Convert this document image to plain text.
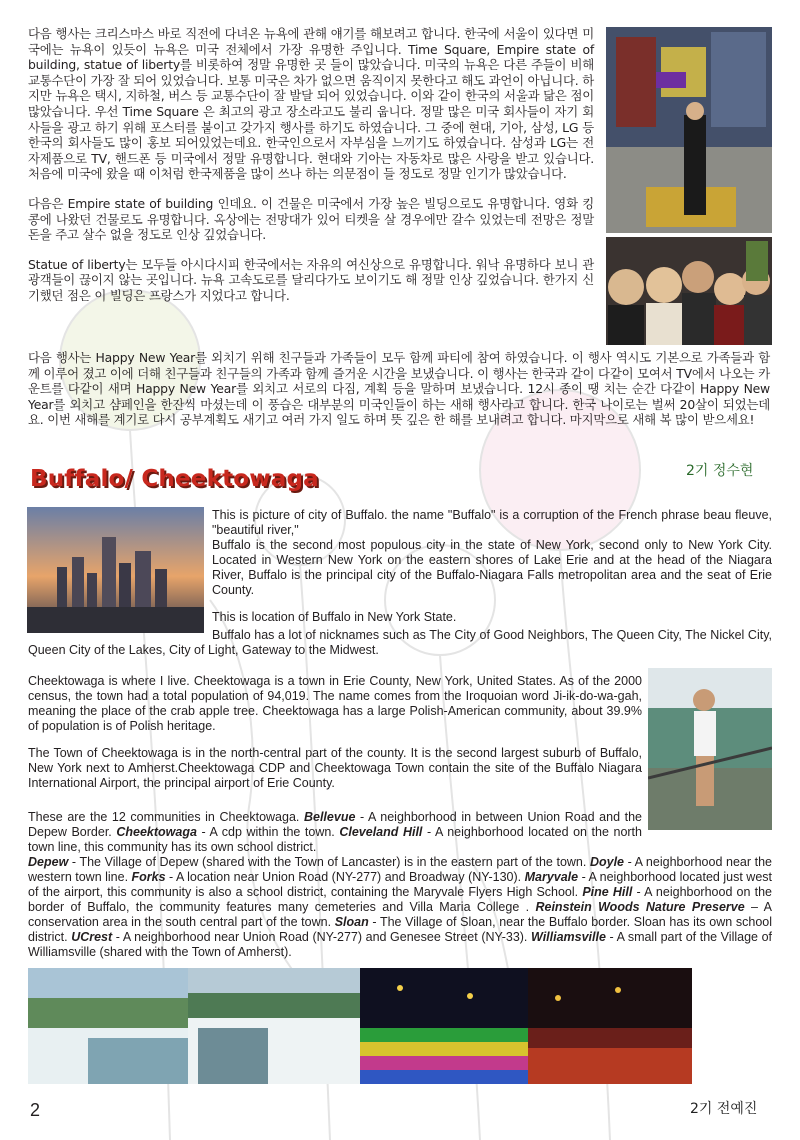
다음 행사는 크리스마스 바로 직전에 다녀온 뉴욕에 관해 얘기를 해보려고 합니다. 한국에 서울이 있다면 미국에는 뉴욕이 있듯이 뉴욕은 미국 전체에서 가장 유명한 주입니다. Time Square, Empire state of building, statue of liberty를 비롯하여 정말 유명한 곳 들이 많았습니다. 미국의 뉴욕은 다른 주들이 비해 교통수단이 가장 잘 되어 있었습니다. 보통 미국은 차가 없으면 움직이지 못한다고 해도 과언이 아닙니다. 하지만 뉴욕은 택시, 지하철, 버스 등 교통수단이 잘 발달 되어 있었습니다. 이와 같이 한국의 서울과 닮은 점이 많았습니다. 우선 Time Square 은 최고의 광고 장소라고도 불리 웁니다. 정말 많은 미국 회사들이 자기 회사들을 광고 하기 위해 포스터를 붙이고 갖가지 행사를 하기도 하였습니다. 그 중에 현대, 기아, 삼성, LG 등 한국의 회사들도 많이 홍보 되어있었는데요. 한국인으로서 자부심을 느끼기도 하였습니다. 삼성과 LG는 전자제품으로 TV, 핸드폰 등 미국에서 정말 유명합니다. 현대와 기아는 자동차로 많은 사랑을 받고 있습니다. 처음에 미국에 왔을 때 이처럼 한국제품을 많이 쓰나 하는 의문점이 들 정도로 정말 인기가 많았습니다.

다음은 Empire state of building 인데요. 이 건물은 미국에서 가장 높은 빌딩으로도 유명합니다. 영화 킹콩에 나왔던 건물로도 유명합니다. 옥상에는 전망대가 있어 티켓을 살 경우에만 갈수 있었는데 전망은 정말 돈을 주고 살수 없을 정도로 인상 깊었습니다.

Statue of liberty는 모두들 아시다시피 한국에서는 자유의 여신상으로 유명합니다. 워낙 유명하다 보니 관광객들이 끊이지 않는 곳입니다. 뉴욕 고속도로를 달리다가도 보이기도 해 정말 인상 깊었습니다. 한가지 신기했던 점은 이 빌딩은 프랑스가 지었다고 합니다.

다음 행사는 Happy New Year를 외치기 위해 친구들과 가족들이 모두 함께 파티에 참여 하였습니다. 이 행사 역시도 기본으로 가족들과 함께 이루어 졌고 이에 더해 친구들과 친구들의 가족과 함께 즐거운 시간을 보냈습니다. 이 행사는 한국과 같이 다같이 모여서 TV에서 나오는 카운트를 다같이 새며 Happy New Year를 외치고 서로의 다짐, 계획 등을 말하며 보냈습니다. 12시 종이 땡 치는 순간 다같이 Happy New Year를 외치고 샴페인을 한잔씩 마셨는데 이 풍습은 대부분의 미국인들이 하는 새해 행사라고 합니다. 한국 나이로는 벌써 20살이 되었는데요. 이번 새해를 계기로 다시 공부계획도 새기고 여러 가지 일도 하며 뜻 깊은 한 해를 보내려고 합니다. 마지막으로 새해 복 많이 받으세요!

2기 정수현

Buffalo/ Cheektowaga

This is picture of city of Buffalo. the name "Buffalo" is a corruption of the French phrase beau fleuve, "beautiful river,"

Buffalo is the second most populous city in the state of New York, second only to New York City. Located in Western New York on the eastern shores of Lake Erie and at the head of the Niagara River, Buffalo is the principal city of the Buffalo-Niagara Falls metropolitan area and the seat of Erie County.

This is location of Buffalo in New York State.

Buffalo has a lot of nicknames such as The City of Good Neighbors, The Queen City, The Nickel City, Queen City of the Lakes, City of Light, Gateway to the Midwest.

Cheektowaga is where I live. Cheektowaga is a town in Erie County, New York, United States. As of the 2000 census, the town had a total population of 94,019. The name comes from the Iroquoian word Ji-ik-do-wa-gah, meaning the place of the crab apple tree. Cheektowaga has a large Polish-American community, about 39.9% of population is of Polish heritage.

The Town of Cheektowaga is in the north-central part of the county. It is the second largest suburb of Buffalo, New York next to Amherst.Cheektowaga CDP and Cheektowaga Town contain the site of the Buffalo Niagara International Airport, the principal airport of Erie County.

These are the 12 communities in Cheektowaga. Bellevue - A neighborhood in between Union Road and the Depew Border. Cheektowaga - A cdp within the town. Cleveland Hill - A neighborhood located on the north town line, this community has its own school district.

Depew - The Village of Depew (shared with the Town of Lancaster) is in the eastern part of the town. Doyle - A neighborhood near the western town line. Forks - A location near Union Road (NY-277) and Broadway (NY-130). Maryvale - A neighborhood located just west of the airport, this community is also a school district, containing the Maryvale Flyers High School. Pine Hill - A neighborhood on the border of Buffalo, the community features many cemeteries and Villa Maria College . Reinstein Woods Nature Preserve – A conservation area in the south central part of the town. Sloan - The Village of Sloan, near the Buffalo border. Sloan has its own school district. UCrest - A neighborhood near Union Road (NY-277) and Genesee Street (NY-33). Williamsville - A small part of the Village of Williamsville (shared with the Town of Amherst).

2	2기 전예진
